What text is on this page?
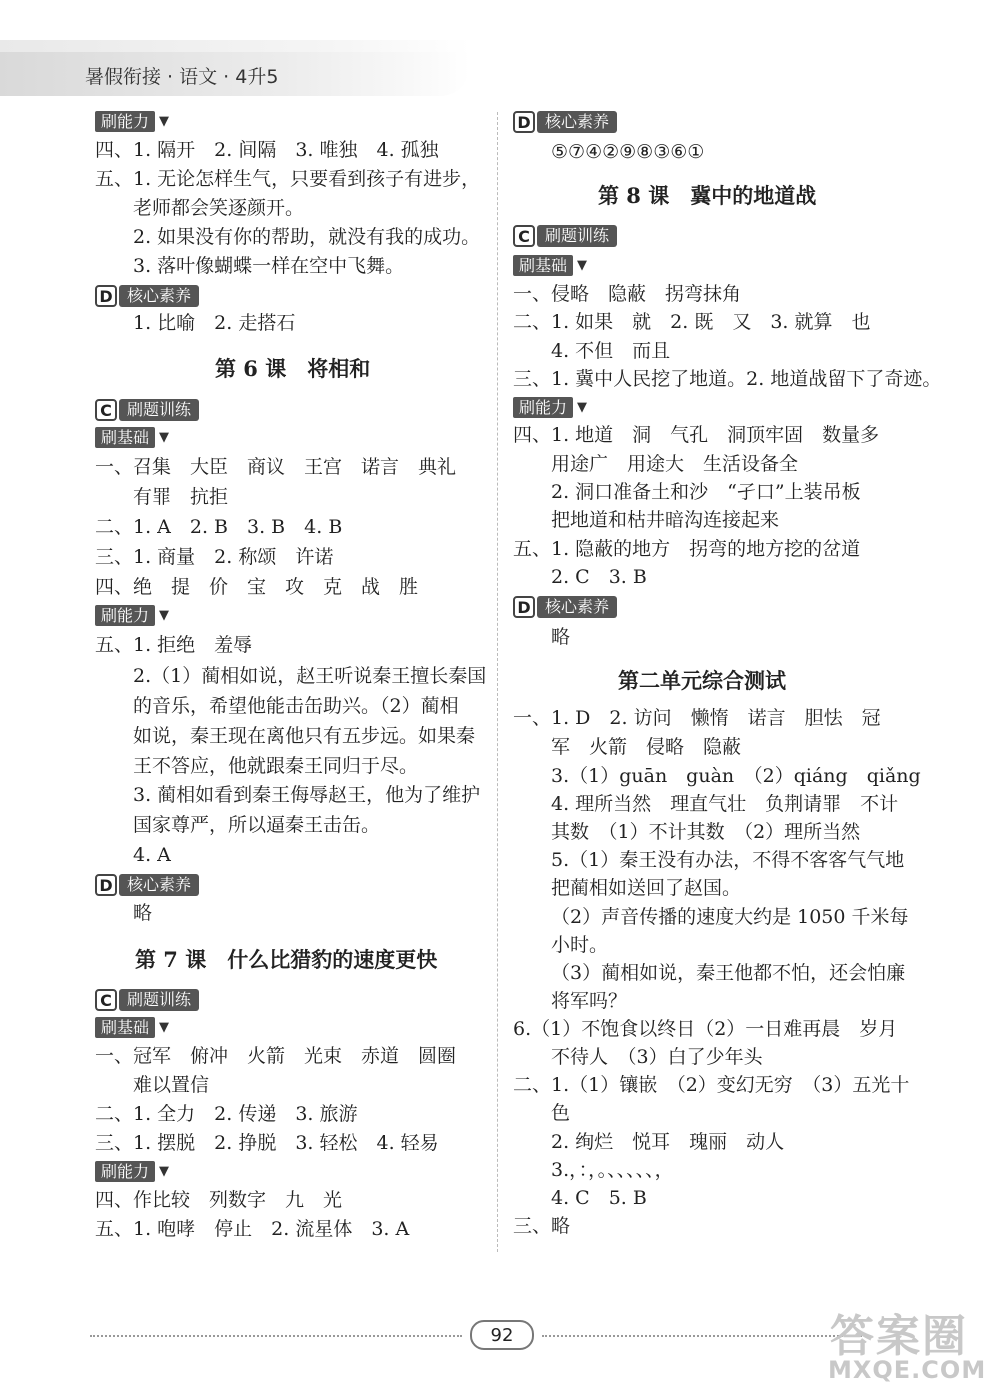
暑假衔接 · 语文 · 4升5
刷能力 ▼
四、1. 隔开　2. 间隔　3. 唯独　4. 孤独
五、1. 无论怎样生气，只要看到孩子有进步，
老师都会笑逐颜开。
2. 如果没有你的帮助，就没有我的成功。
3. 落叶像蝴蝶一样在空中飞舞。
D 核心素养
1. 比喻　2. 走搭石
第 6 课　将相和
C 刷题训练
刷基础 ▼
一、召集　大臣　商议　王宫　诺言　典礼
有罪　抗拒
二、1. A　2. B　3. B　4. B
三、1. 商量　2. 称颂　许诺
四、绝　提　价　宝　攻　克　战　胜
刷能力 ▼
五、1. 拒绝　羞辱
2.（1）蔺相如说，赵王听说秦王擅长秦国
的音乐，希望他能击缶助兴。（2）蔺相
如说，秦王现在离他只有五步远。如果秦
王不答应，他就跟秦王同归于尽。
3. 蔺相如看到秦王侮辱赵王，他为了维护
国家尊严，所以逼秦王击缶。
4. A
D 核心素养
略
第 7 课　什么比猎豹的速度更快
C 刷题训练
刷基础 ▼
一、冠军　俯冲　火箭　光束　赤道　圆圈
难以置信
二、1. 全力　2. 传递　3. 旅游
三、1. 摆脱　2. 挣脱　3. 轻松　4. 轻易
刷能力 ▼
四、作比较　列数字　九　光
五、1. 咆哮　停止　2. 流星体　3. A
D 核心素养
⑤⑦④②⑨⑧③⑥①
第 8 课　冀中的地道战
C 刷题训练
刷基础 ▼
一、侵略　隐蔽　拐弯抹角
二、1. 如果　就　2. 既　又　3. 就算　也
4. 不但　而且
三、1. 冀中人民挖了地道。2. 地道战留下了奇迹。
刷能力 ▼
四、1. 地道　洞　气孔　洞顶牢固　数量多
用途广　用途大　生活设备全
2. 洞口准备土和沙　“孑口”上装吊板
把地道和枯井暗沟连接起来
五、1. 隐蔽的地方　拐弯的地方挖的岔道
2. C　3. B
D 核心素养
略
第二单元综合测试
一、1. D　2. 访问　懒惰　诺言　胆怯　冠
军　火箭　侵略　隐蔽
3.（1）guān　guàn　（2）qiáng　qiǎng
4. 理所当然　理直气壮　负荆请罪　不计
其数　（1）不计其数　（2）理所当然
5.（1）秦王没有办法，不得不客客气气地
把蔺相如送回了赵国。
（2）声音传播的速度大约是 1050 千米每
小时。
（3）蔺相如说，秦王他都不怕，还会怕廉
将军吗？
6.（1）不饱食以终日（2）一日难再晨　岁月
不待人　（3）白了少年头
二、1.（1）镶嵌　（2）变幻无穷　（3）五光十
色
2. 绚烂　悦耳　瑰丽　动人
3.，：，。、、、、、，
4. C　5. B
三、略
92	答案圈
MXQE.COM
